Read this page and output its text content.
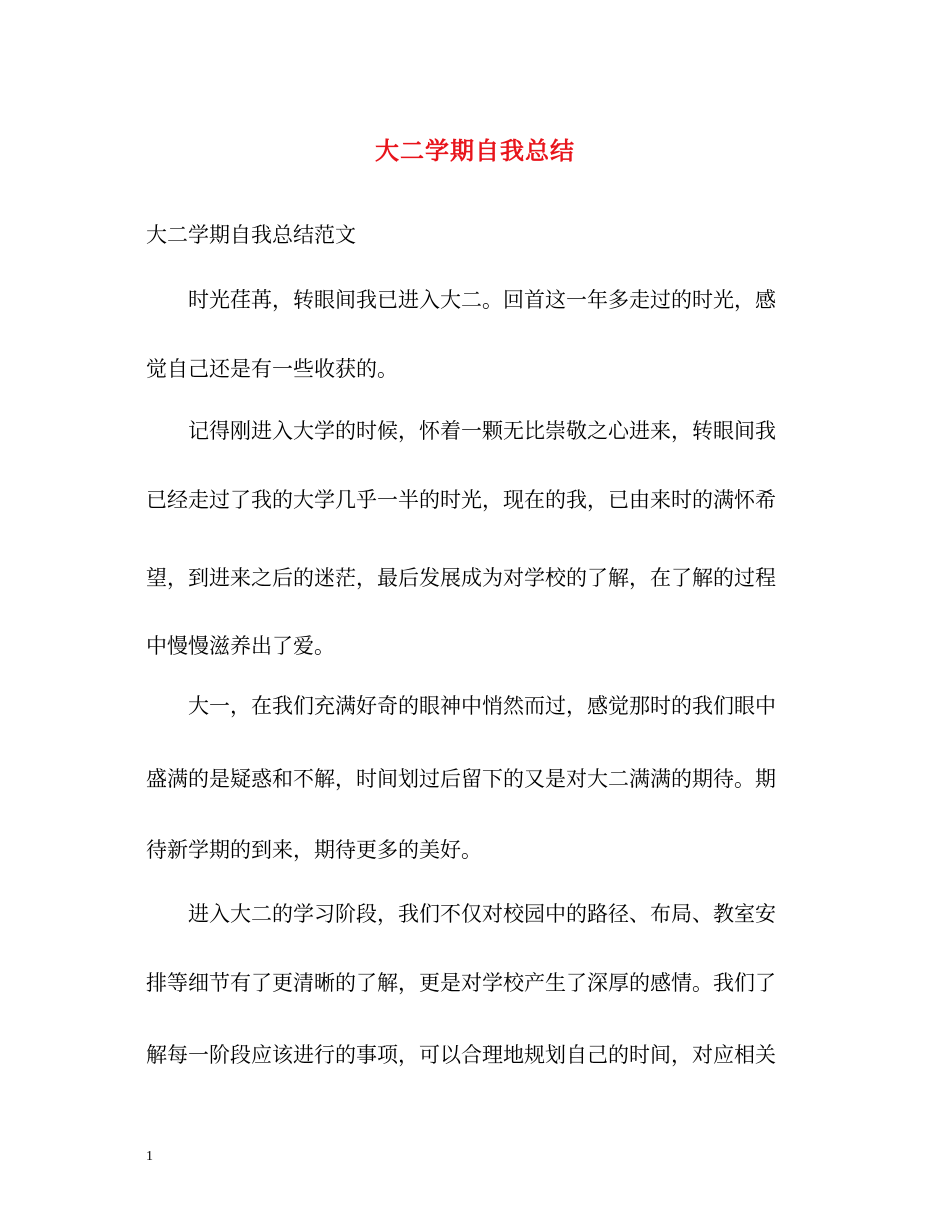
大二学期自我总结
大二学期自我总结范文
时光荏苒，转眼间我已进入大二。回首这一年多走过的时光，感
觉自己还是有一些收获的。
记得刚进入大学的时候，怀着一颗无比崇敬之心进来，转眼间我
已经走过了我的大学几乎一半的时光，现在的我，已由来时的满怀希
望，到进来之后的迷茫，最后发展成为对学校的了解，在了解的过程
中慢慢滋养出了爱。
大一，在我们充满好奇的眼神中悄然而过，感觉那时的我们眼中
盛满的是疑惑和不解，时间划过后留下的又是对大二满满的期待。期
待新学期的到来，期待更多的美好。
进入大二的学习阶段，我们不仅对校园中的路径、布局、教室安
排等细节有了更清晰的了解，更是对学校产生了深厚的感情。我们了
解每一阶段应该进行的事项，可以合理地规划自己的时间，对应相关
1
